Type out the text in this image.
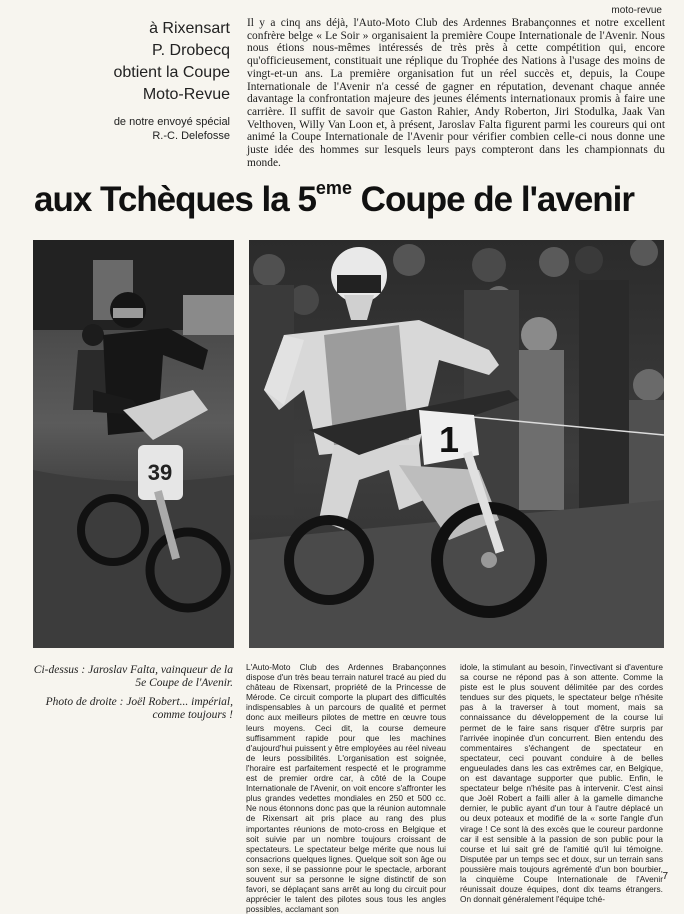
moto-revue
à Rixensart
P. Drobecq
obtient la Coupe
Moto-Revue
de notre envoyé spécial
R.-C. Delefosse
Il y a cinq ans déjà, l'Auto-Moto Club des Ardennes Brabançonnes et notre excellent confrère belge « Le Soir » organisaient la première Coupe Internationale de l'Avenir. Nous nous étions nous-mêmes intéressés de très près à cette compétition qui, encore qu'officieusement, constituait une réplique du Trophée des Nations à l'usage des moins de vingt-et-un ans. La première organisation fut un réel succès et, depuis, la Coupe Internationale de l'Avenir n'a cessé de gagner en réputation, devenant chaque année davantage la confrontation majeure des jeunes éléments internationaux promis à faire une carrière. Il suffit de savoir que Gaston Rahier, Andy Roberton, Jiri Stodulka, Jaak Van Velthoven, Willy Van Loon et, à présent, Jaroslav Falta figurent parmi les coureurs qui ont animé la Coupe Internationale de l'Avenir pour vérifier combien celle-ci nous donne une juste idée des hommes sur lesquels leurs pays compteront dans les championnats du monde.
aux Tchèques la 5eme Coupe de l'avenir
39
1
Ci-dessus : Jaroslav Falta, vainqueur de la 5e Coupe de l'Avenir.
Photo de droite : Joël Robert... impérial, comme toujours !
L'Auto-Moto Club des Ardennes Brabançonnes dispose d'un très beau terrain naturel tracé au pied du château de Rixensart, propriété de la Princesse de Mérode. Ce circuit comporte la plupart des difficultés indispensables à un parcours de qualité et permet donc aux meilleurs pilotes de mettre en œuvre tous leurs moyens. Ceci dit, la course demeure suffisamment rapide pour que les machines d'aujourd'hui puissent y être employées au réel niveau de leurs possibilités. L'organisation est soignée, l'horaire est parfaitement respecté et le programme est de premier ordre car, à côté de la Coupe Internationale de l'Avenir, on voit encore s'affronter les plus grandes vedettes mondiales en 250 et 500 cc. Ne nous étonnons donc pas que la réunion automnale de Rixensart ait pris place au rang des plus importantes réunions de moto-cross en Belgique et soit suivie par un nombre toujours croissant de spectateurs. Le spectateur belge mérite que nous lui consacrions quelques lignes. Quelque soit son âge ou son sexe, il se passionne pour le spectacle, arborant souvent sur sa personne le signe distinctif de son favori, se déplaçant sans arrêt au long du circuit pour apprécier le talent des pilotes sous tous les angles possibles, acclamant son
idole, la stimulant au besoin, l'invectivant si d'aventure sa course ne répond pas à son attente. Comme la piste est le plus souvent délimitée par des cordes tendues sur des piquets, le spectateur belge n'hésite pas à la traverser à tout moment, mais sa connaissance du développement de la course lui permet de le faire sans risquer d'être surpris par l'arrivée inopinée d'un concurrent. Bien entendu des commentaires s'échangent de spectateur en spectateur, ceci pouvant conduire à de belles engueulades dans les cas extrêmes car, en Belgique, on est davantage supporter que public. Enfin, le spectateur belge n'hésite pas à intervenir. C'est ainsi que Joël Robert a failli aller à la gamelle dimanche dernier, le public ayant d'un tour à l'autre déplacé un ou deux poteaux et modifié de la « sorte l'angle d'un virage ! Ce sont là des excès que le coureur pardonne car il est sensible à la passion de son public pour la course et lui sait gré de l'amitié qu'il lui témoigne. Disputée par un temps sec et doux, sur un terrain sans poussière mais toujours agrémenté d'un bon bourbier, la cinquième Coupe Internationale de l'Avenir réunissait douze équipes, dont dix teams étrangers. On donnait généralement l'équipe tché-
7
